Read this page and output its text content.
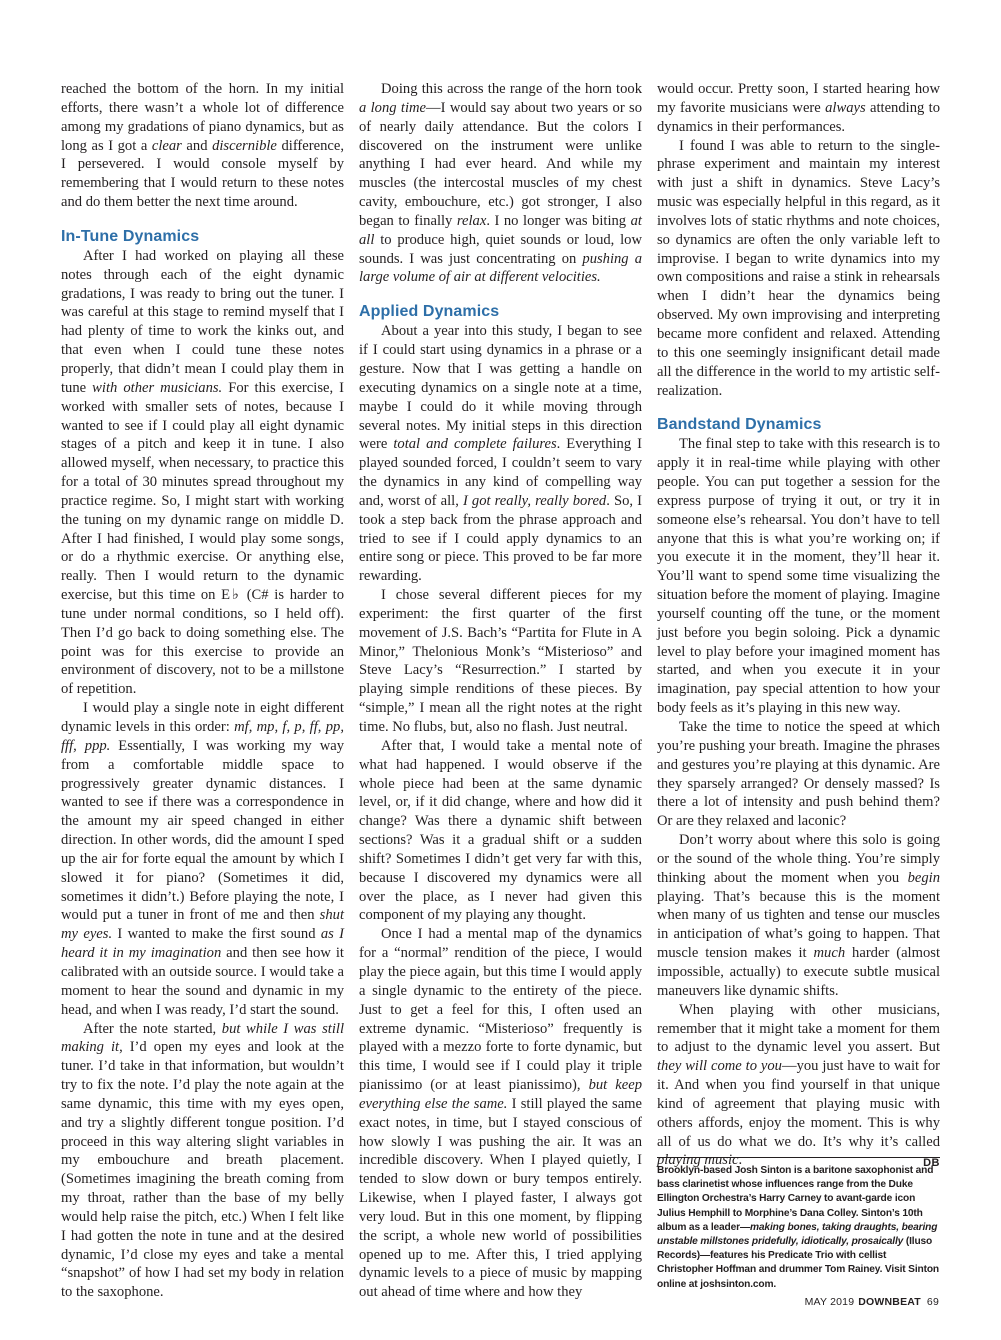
reached the bottom of the horn. In my initial efforts, there wasn’t a whole lot of difference among my gradations of piano dynamics, but as long as I got a clear and discernible difference, I persevered. I would console myself by remembering that I would return to these notes and do them better the next time around.

In-Tune Dynamics

After I had worked on playing all these notes through each of the eight dynamic gradations, I was ready to bring out the tuner. I was careful at this stage to remind myself that I had plenty of time to work the kinks out, and that even when I could tune these notes properly, that didn’t mean I could play them in tune with other musicians. For this exercise, I worked with smaller sets of notes, because I wanted to see if I could play all eight dynamic stages of a pitch and keep it in tune. I also allowed myself, when necessary, to practice this for a total of 30 minutes spread throughout my practice regime. So, I might start with working the tuning on my dynamic range on middle D. After I had finished, I would play some songs, or do a rhythmic exercise. Or anything else, really. Then I would return to the dynamic exercise, but this time on E♭ (C# is harder to tune under normal conditions, so I held off). Then I’d go back to doing something else. The point was for this exercise to provide an environment of discovery, not to be a millstone of repetition.

I would play a single note in eight different dynamic levels in this order: mf, mp, f, p, ff, pp, fff, ppp. Essentially, I was working my way from a comfortable middle space to progressively greater dynamic distances. I wanted to see if there was a correspondence in the amount my air speed changed in either direction. In other words, did the amount I sped up the air for forte equal the amount by which I slowed it for piano? (Sometimes it did, sometimes it didn’t.) Before playing the note, I would put a tuner in front of me and then shut my eyes. I wanted to make the first sound as I heard it in my imagination and then see how it calibrated with an outside source. I would take a moment to hear the sound and dynamic in my head, and when I was ready, I’d start the sound.

After the note started, but while I was still making it, I’d open my eyes and look at the tuner. I’d take in that information, but wouldn’t try to fix the note. I’d play the note again at the same dynamic, this time with my eyes open, and try a slightly different tongue position. I’d proceed in this way altering slight variables in my embouchure and breath placement. (Sometimes imagining the breath coming from my throat, rather than the base of my belly would help raise the pitch, etc.) When I felt like I had gotten the note in tune and at the desired dynamic, I’d close my eyes and take a mental “snapshot” of how I had set my body in relation to the saxophone.

Doing this across the range of the horn took a long time—I would say about two years or so of nearly daily attendance. But the colors I discovered on the instrument were unlike anything I had ever heard. And while my muscles (the intercostal muscles of my chest cavity, embouchure, etc.) got stronger, I also began to finally relax. I no longer was biting at all to produce high, quiet sounds or loud, low sounds. I was just concentrating on pushing a large volume of air at different velocities.

Applied Dynamics

About a year into this study, I began to see if I could start using dynamics in a phrase or a gesture. Now that I was getting a handle on executing dynamics on a single note at a time, maybe I could do it while moving through several notes. My initial steps in this direction were total and complete failures. Everything I played sounded forced, I couldn’t seem to vary the dynamics in any kind of compelling way and, worst of all, I got really, really bored. So, I took a step back from the phrase approach and tried to see if I could apply dynamics to an entire song or piece. This proved to be far more rewarding.

I chose several different pieces for my experiment: the first quarter of the first movement of J.S. Bach’s “Partita for Flute in A Minor,” Thelonious Monk’s “Misterioso” and Steve Lacy’s “Resurrection.” I started by playing simple renditions of these pieces. By “simple,” I mean all the right notes at the right time. No flubs, but, also no flash. Just neutral.

After that, I would take a mental note of what had happened. I would observe if the whole piece had been at the same dynamic level, or, if it did change, where and how did it change? Was there a dynamic shift between sections? Was it a gradual shift or a sudden shift? Sometimes I didn’t get very far with this, because I discovered my dynamics were all over the place, as I never had given this component of my playing any thought.

Once I had a mental map of the dynamics for a “normal” rendition of the piece, I would play the piece again, but this time I would apply a single dynamic to the entirety of the piece. Just to get a feel for this, I often used an extreme dynamic. “Misterioso” frequently is played with a mezzo forte to forte dynamic, but this time, I would see if I could play it triple pianissimo (or at least pianissimo), but keep everything else the same. I still played the same exact notes, in time, but I stayed conscious of how slowly I was pushing the air. It was an incredible discovery. When I played quietly, I tended to slow down or bury tempos entirely. Likewise, when I played faster, I always got very loud. But in this one moment, by flipping the script, a whole new world of possibilities opened up to me. After this, I tried applying dynamic levels to a piece of music by mapping out ahead of time where and how they

would occur. Pretty soon, I started hearing how my favorite musicians were always attending to dynamics in their performances.

I found I was able to return to the single-phrase experiment and maintain my interest with just a shift in dynamics. Steve Lacy’s music was especially helpful in this regard, as it involves lots of static rhythms and note choices, so dynamics are often the only variable left to improvise. I began to write dynamics into my own compositions and raise a stink in rehearsals when I didn’t hear the dynamics being observed. My own improvising and interpreting became more confident and relaxed. Attending to this one seemingly insignificant detail made all the difference in the world to my artistic self-realization.

Bandstand Dynamics

The final step to take with this research is to apply it in real-time while playing with other people. You can put together a session for the express purpose of trying it out, or try it in someone else’s rehearsal. You don’t have to tell anyone that this is what you’re working on; if you execute it in the moment, they’ll hear it. You’ll want to spend some time visualizing the situation before the moment of playing. Imagine yourself counting off the tune, or the moment just before you begin soloing. Pick a dynamic level to play before your imagined moment has started, and when you execute it in your imagination, pay special attention to how your body feels as it’s playing in this new way.

Take the time to notice the speed at which you’re pushing your breath. Imagine the phrases and gestures you’re playing at this dynamic. Are they sparsely arranged? Or densely massed? Is there a lot of intensity and push behind them? Or are they relaxed and laconic?

Don’t worry about where this solo is going or the sound of the whole thing. You’re simply thinking about the moment when you begin playing. That’s because this is the moment when many of us tighten and tense our muscles in anticipation of what’s going to happen. That muscle tension makes it much harder (almost impossible, actually) to execute subtle musical maneuvers like dynamic shifts.

When playing with other musicians, remember that it might take a moment for them to adjust to the dynamic level you assert. But they will come to you—you just have to wait for it. And when you find yourself in that unique kind of agreement that playing music with others affords, enjoy the moment. This is why all of us do what we do. It’s why it’s called playing music.	DB

Brooklyn-based Josh Sinton is a baritone saxophonist and bass clarinetist whose influences range from the Duke Ellington Orchestra’s Harry Carney to avant-garde icon Julius Hemphill to Morphine’s Dana Colley. Sinton’s 10th album as a leader—making bones, taking draughts, bearing unstable millstones pridefully, idiotically, prosaically (Iluso Records)—features his Predicate Trio with cellist Christopher Hoffman and drummer Tom Rainey. Visit Sinton online at joshsinton.com.
MAY 2019 DOWNBEAT 69
